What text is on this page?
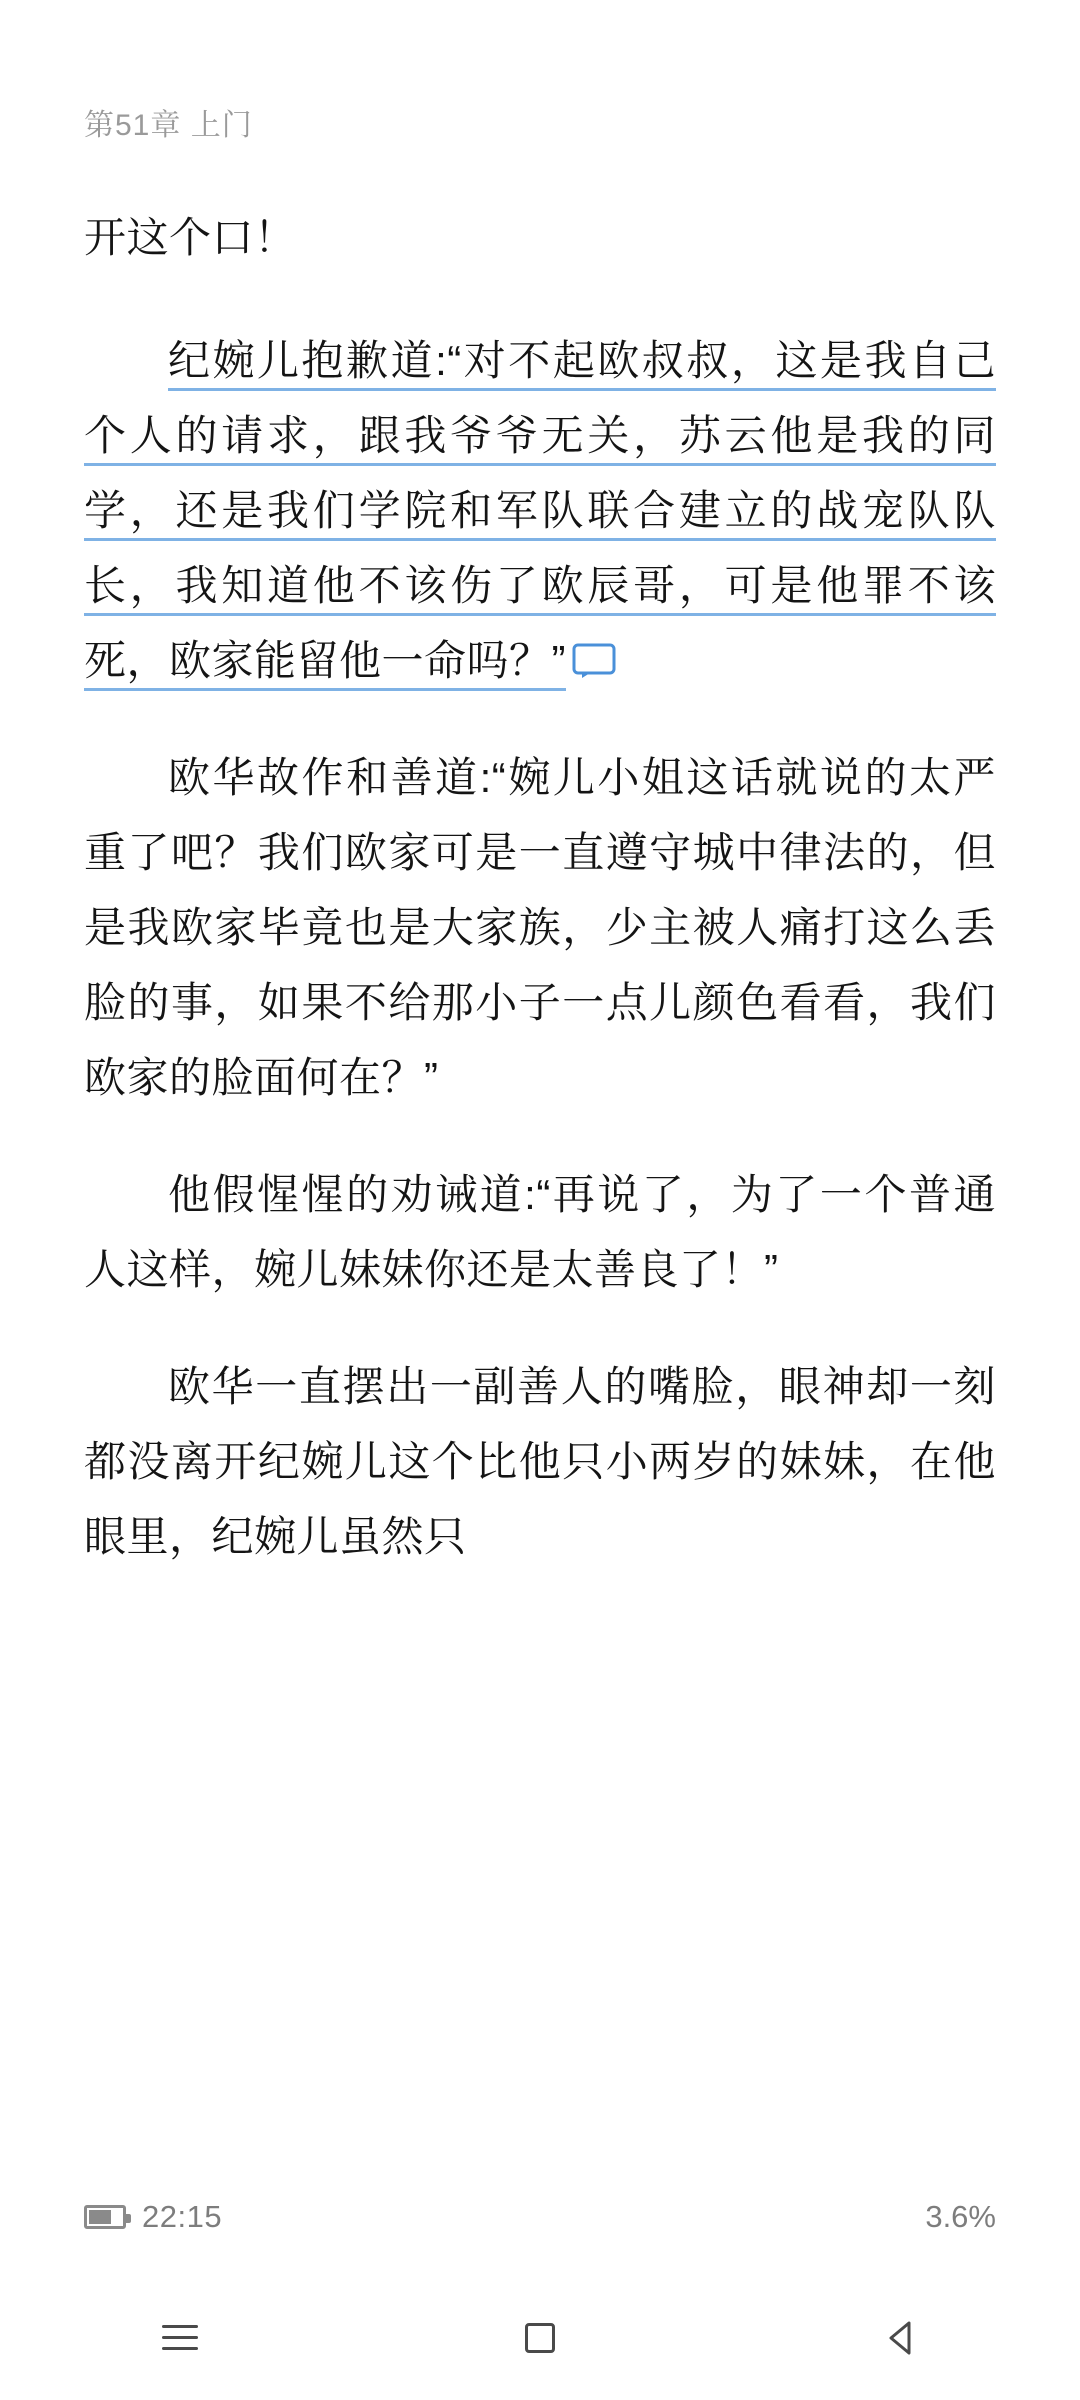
第51章 上门

开这个口！

纪婉儿抱歉道:“对不起欧叔叔，这是我自己个人的请求，跟我爷爷无关，苏云他是我的同学，还是我们学院和军队联合建立的战宠队队长，我知道他不该伤了欧辰哥，可是他罪不该死，欧家能留他一命吗？”

欧华故作和善道:“婉儿小姐这话就说的太严重了吧？我们欧家可是一直遵守城中律法的，但是我欧家毕竟也是大家族，少主被人痛打这么丢脸的事，如果不给那小子一点儿颜色看看，我们欧家的脸面何在？”

他假惺惺的劝诫道:“再说了，为了一个普通人这样，婉儿妹妹你还是太善良了！”

欧华一直摆出一副善人的嘴脸，眼神却一刻都没离开纪婉儿这个比他只小两岁的妹妹，在他眼里，纪婉儿虽然只

22:15	3.6%
